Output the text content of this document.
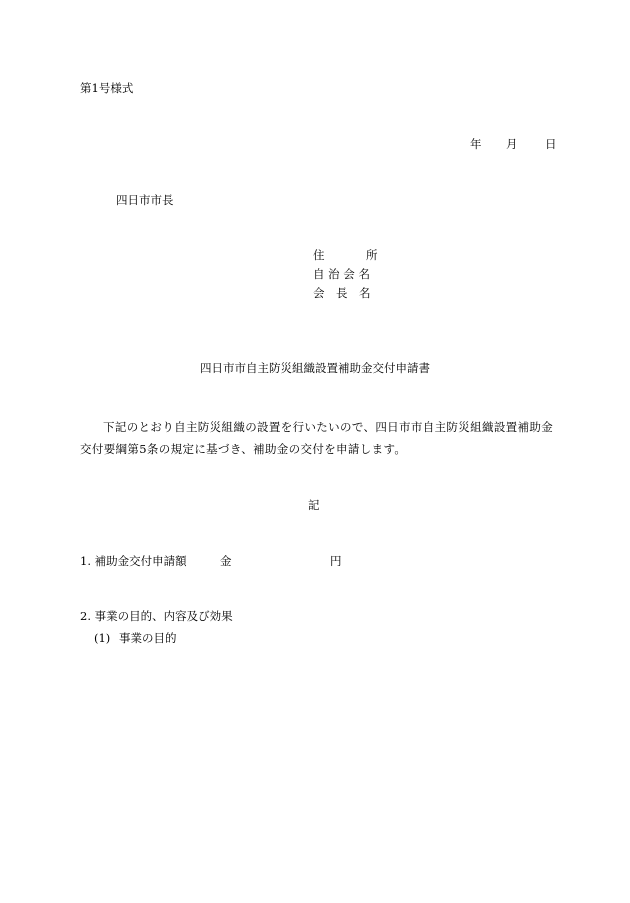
第1号様式

年 月 日

四日市市長

住	所
自 治 会 名
会　長　名

四日市市自主防災組織設置補助金交付申請書

下記のとおり自主防災組織の設置を行いたいので、四日市市自主防災組織設置補助金交付要綱第5条の規定に基づき、補助金の交付を申請します。

記

1. 補助金交付申請額	金	円

2. 事業の目的、内容及び効果

(1) 事業の目的
